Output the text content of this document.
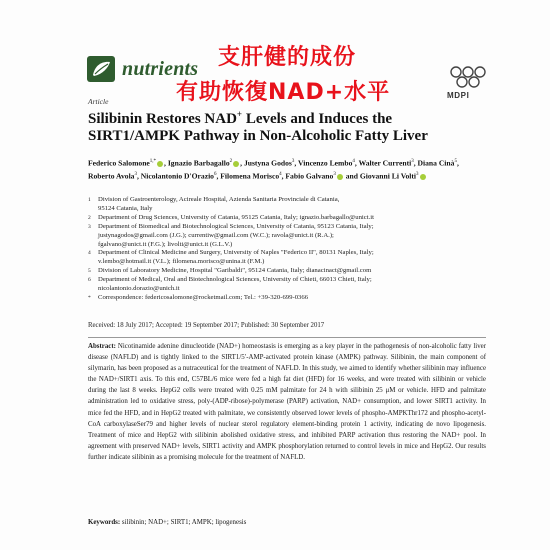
nutrients 支肝健的成份
有助恢復NAD+水平	MDPI
Article
Silibinin Restores NAD+ Levels and Induces the
SIRT1/AMPK Pathway in Non-Alcoholic Fatty Liver
Federico Salomone$^{1,*}$ , Ignazio Barbagallo$^2$ , Justyna Godos$^3$, Vincenzo Lembo$^4$, Walter Currenti$^3$, Diana Cinà$^5$, Roberto Avola$^3$, Nicolantonio D'Orazio$^6$, Filomena Morisco$^4$, Fabio Galvano$^3$ and Giovanni Li Volti$^3$
1	Division of Gastroenterology, Acireale Hospital, Azienda Sanitaria Provinciale di Catania,
95124 Catania, Italy
2	Department of Drug Sciences, University of Catania, 95125 Catania, Italy; ignazio.barbagallo@unict.it
3	Department of Biomedical and Biotechnological Sciences, University of Catania, 95123 Catania, Italy;
justynagodos@gmail.com (J.G.); currentiw@gmail.com (W.C.); ravola@unict.it (R.A.);
fgalvano@unict.it (F.G.); livolti@unict.it (G.L.V.)
4	Department of Clinical Medicine and Surgery, University of Naples "Federico II", 80131 Naples, Italy;
v.lembo@hotmail.it (V.L.); filomena.morisco@unina.it (F.M.)
5	Division of Laboratory Medicine, Hospital "Garibaldi", 95124 Catania, Italy; dianacinact@gmail.com
6	Department of Medical, Oral and Biotechnological Sciences, University of Chieti, 66013 Chieti, Italy;
nicolantonio.dorazio@unich.it
*	Correspondence: federicosalomone@rocketmail.com; Tel.: +39-320-699-0366
Received: 18 July 2017; Accepted: 19 September 2017; Published: 30 September 2017
Abstract: Nicotinamide adenine dinucleotide (NAD+) homeostasis is emerging as a key player in the pathogenesis of non-alcoholic fatty liver disease (NAFLD) and is tightly linked to the SIRT1/5′-AMP-activated protein kinase (AMPK) pathway. Silibinin, the main component of silymarin, has been proposed as a nutraceutical for the treatment of NAFLD. In this study, we aimed to identify whether silibinin may influence the NAD+/SIRT1 axis. To this end, C57BL/6 mice were fed a high fat diet (HFD) for 16 weeks, and were treated with silibinin or vehicle during the last 8 weeks. HepG2 cells were treated with 0.25 mM palmitate for 24 h with silibinin 25 μM or vehicle. HFD and palmitate administration led to oxidative stress, poly-(ADP-ribose)-polymerase (PARP) activation, NAD+ consumption, and lower SIRT1 activity. In mice fed the HFD, and in HepG2 treated with palmitate, we consistently observed lower levels of phospho-AMPKThr172 and phospho-acetyl-CoA carboxylaseSer79 and higher levels of nuclear sterol regulatory element-binding protein 1 activity, indicating de novo lipogenesis. Treatment of mice and HepG2 with silibinin abolished oxidative stress, and inhibited PARP activation thus restoring the NAD+ pool. In agreement with preserved NAD+ levels, SIRT1 activity and AMPK phosphorylation returned to control levels in mice and HepG2. Our results further indicate silibinin as a promising molecule for the treatment of NAFLD.
Keywords: silibinin; NAD+; SIRT1; AMPK; lipogenesis
